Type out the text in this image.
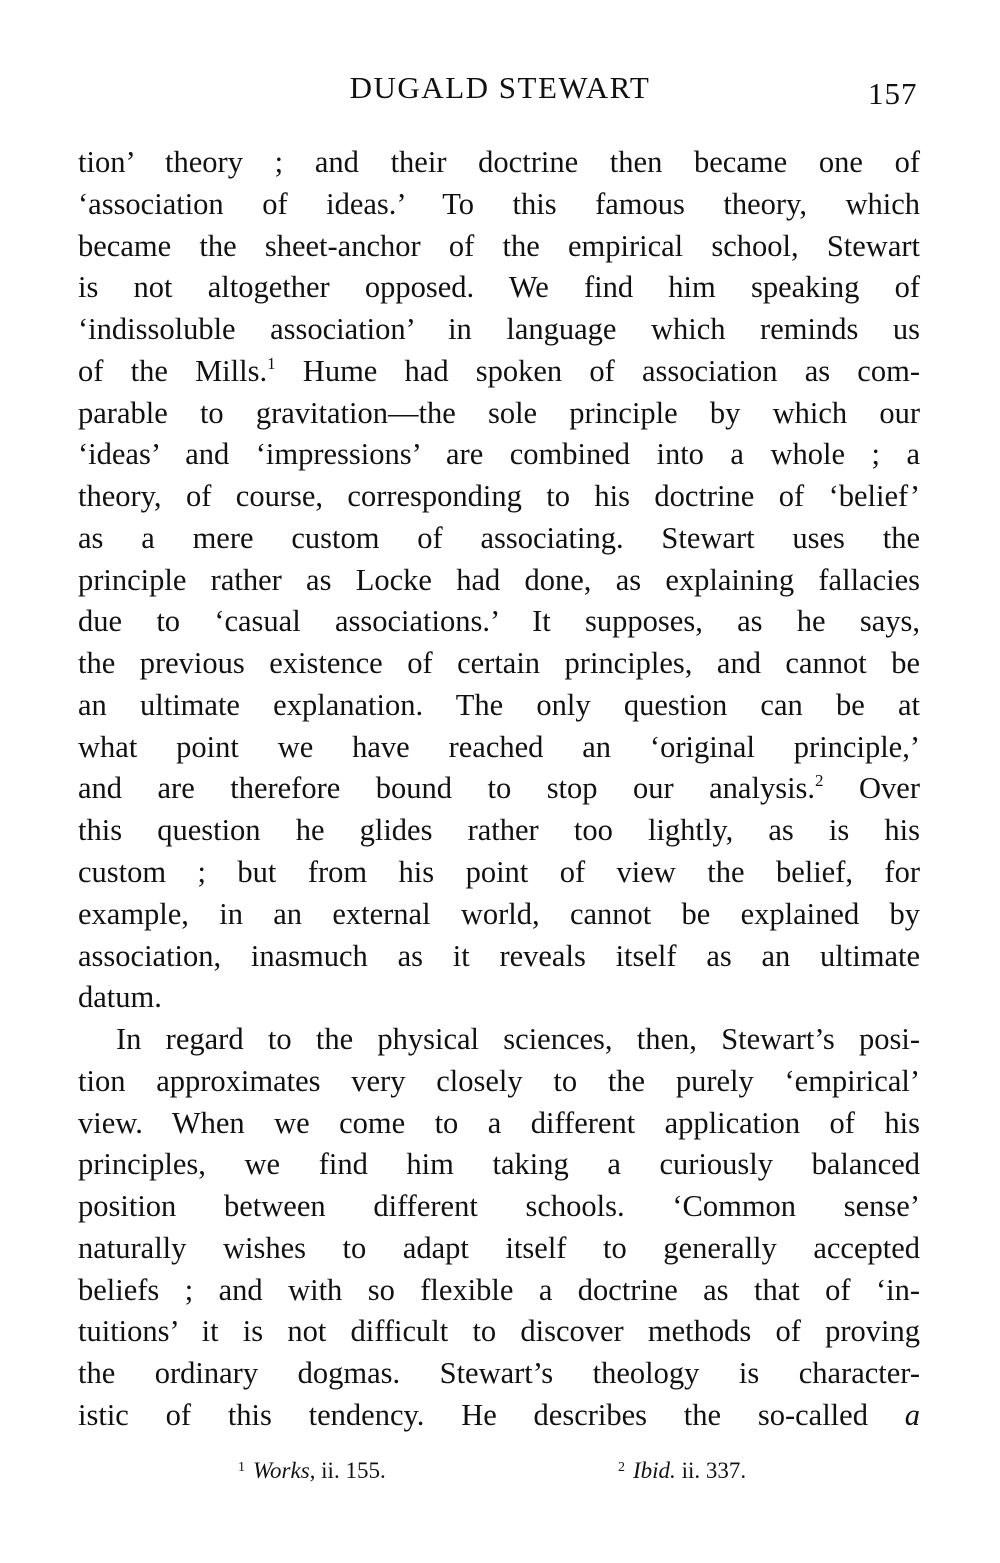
DUGALD STEWART	157
tion’ theory ; and their doctrine then became one of
‘association of ideas.’ To this famous theory, which
became the sheet-anchor of the empirical school, Stewart
is not altogether opposed. We find him speaking of
‘indissoluble association’ in language which reminds us
of the Mills.$^1$ Hume had spoken of association as com-
parable to gravitation—the sole principle by which our
‘ideas’ and ‘impressions’ are combined into a whole ; a
theory, of course, corresponding to his doctrine of ‘belief’
as a mere custom of associating. Stewart uses the
principle rather as Locke had done, as explaining fallacies
due to ‘casual associations.’ It supposes, as he says,
the previous existence of certain principles, and cannot be
an ultimate explanation. The only question can be at
what point we have reached an ‘original principle,’
and are therefore bound to stop our analysis.$^2$ Over
this question he glides rather too lightly, as is his
custom ; but from his point of view the belief, for
example, in an external world, cannot be explained by
association, inasmuch as it reveals itself as an ultimate
datum.
In regard to the physical sciences, then, Stewart’s posi-
tion approximates very closely to the purely ‘empirical’
view. When we come to a different application of his
principles, we find him taking a curiously balanced
position between different schools. ‘Common sense’
naturally wishes to adapt itself to generally accepted
beliefs ; and with so flexible a doctrine as that of ‘in-
tuitions’ it is not difficult to discover methods of proving
the ordinary dogmas. Stewart’s theology is character-
istic of this tendency. He describes the so-called a
$^1$ Works, ii. 155.	$^2$ Ibid. ii. 337.
